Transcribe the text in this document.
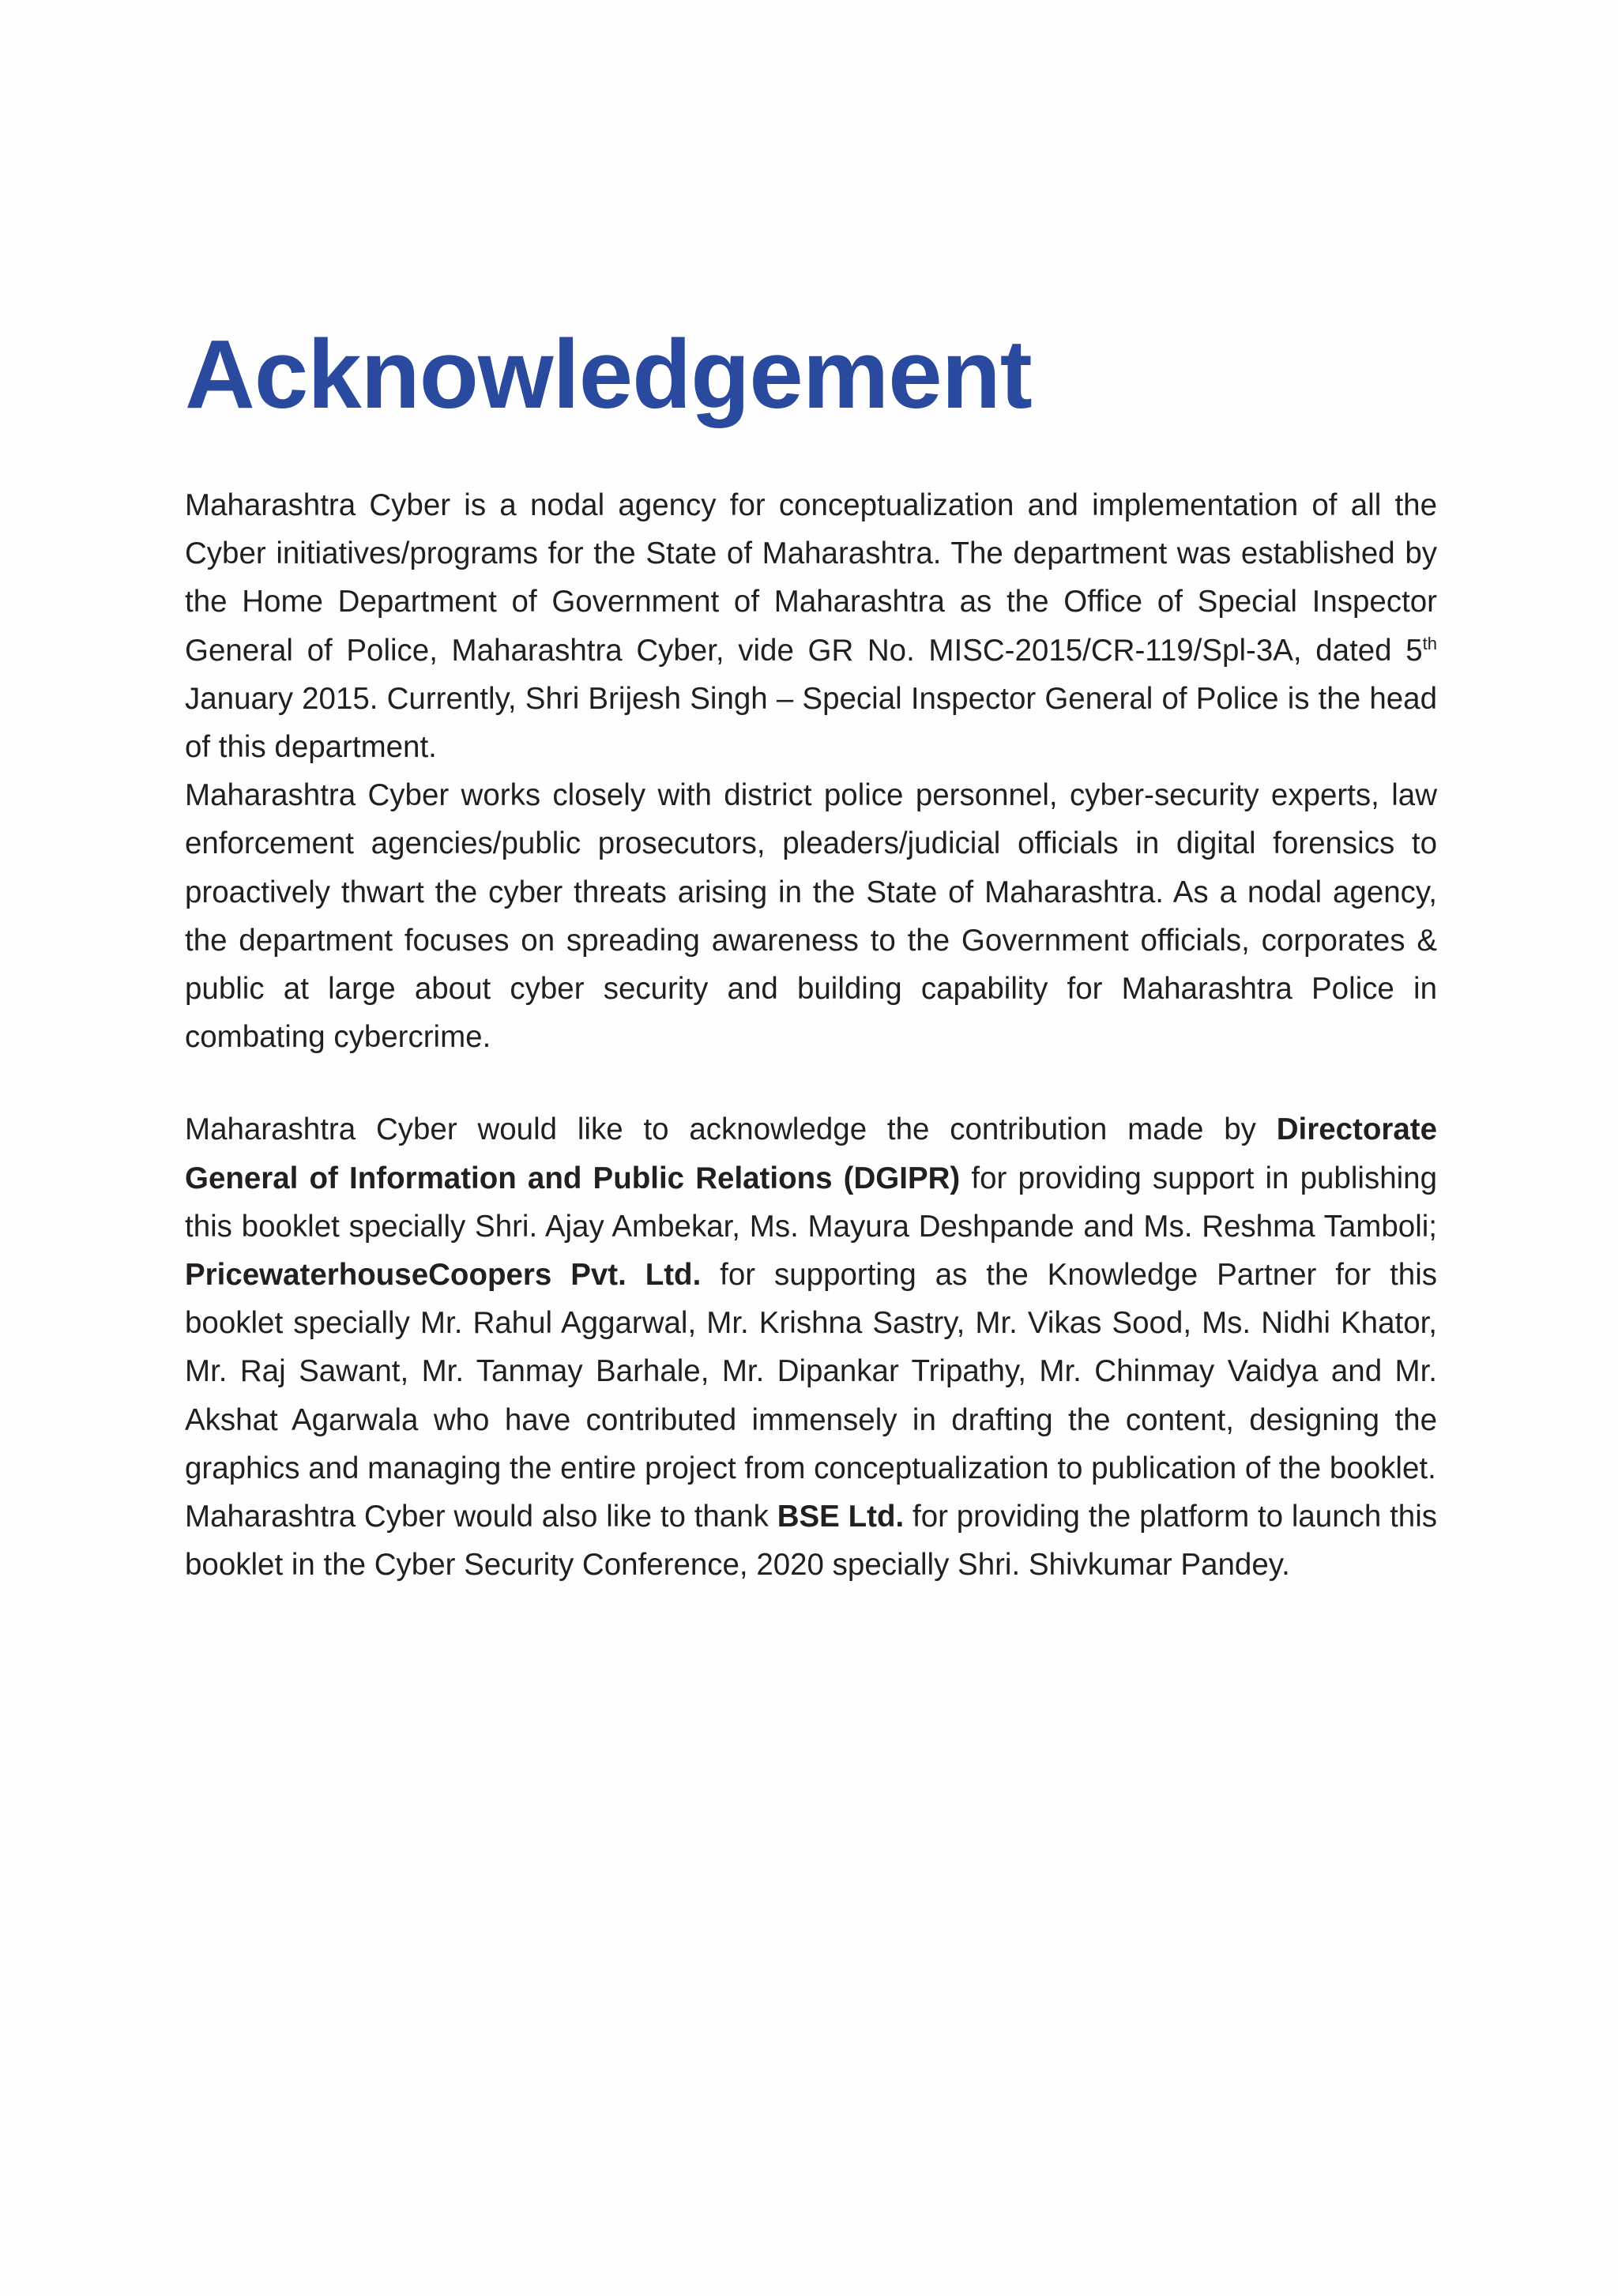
Acknowledgement

Maharashtra Cyber is a nodal agency for conceptualization and implementation of all the Cyber initiatives/programs for the State of Maharashtra. The department was established by the Home Department of Government of Maharashtra as the Office of Special Inspector General of Police, Maharashtra Cyber, vide GR No. MISC-2015/CR-119/Spl-3A, dated 5th January 2015. Currently, Shri Brijesh Singh – Special Inspector General of Police is the head of this department.

Maharashtra Cyber works closely with district police personnel, cyber-security experts, law enforcement agencies/public prosecutors, pleaders/judicial officials in digital forensics to proactively thwart the cyber threats arising in the State of Maharashtra. As a nodal agency, the department focuses on spreading awareness to the Government officials, corporates & public at large about cyber security and building capability for Maharashtra Police in combating cybercrime.

Maharashtra Cyber would like to acknowledge the contribution made by Directorate General of Information and Public Relations (DGIPR) for providing support in publishing this booklet specially Shri. Ajay Ambekar, Ms. Mayura Deshpande and Ms. Reshma Tamboli; PricewaterhouseCoopers Pvt. Ltd. for supporting as the Knowledge Partner for this booklet specially Mr. Rahul Aggarwal, Mr. Krishna Sastry, Mr. Vikas Sood, Ms. Nidhi Khator, Mr. Raj Sawant, Mr. Tanmay Barhale, Mr. Dipankar Tripathy, Mr. Chinmay Vaidya and Mr. Akshat Agarwala who have contributed immensely in drafting the content, designing the graphics and managing the entire project from conceptualization to publication of the booklet.

Maharashtra Cyber would also like to thank BSE Ltd. for providing the platform to launch this booklet in the Cyber Security Conference, 2020 specially Shri. Shivkumar Pandey.
